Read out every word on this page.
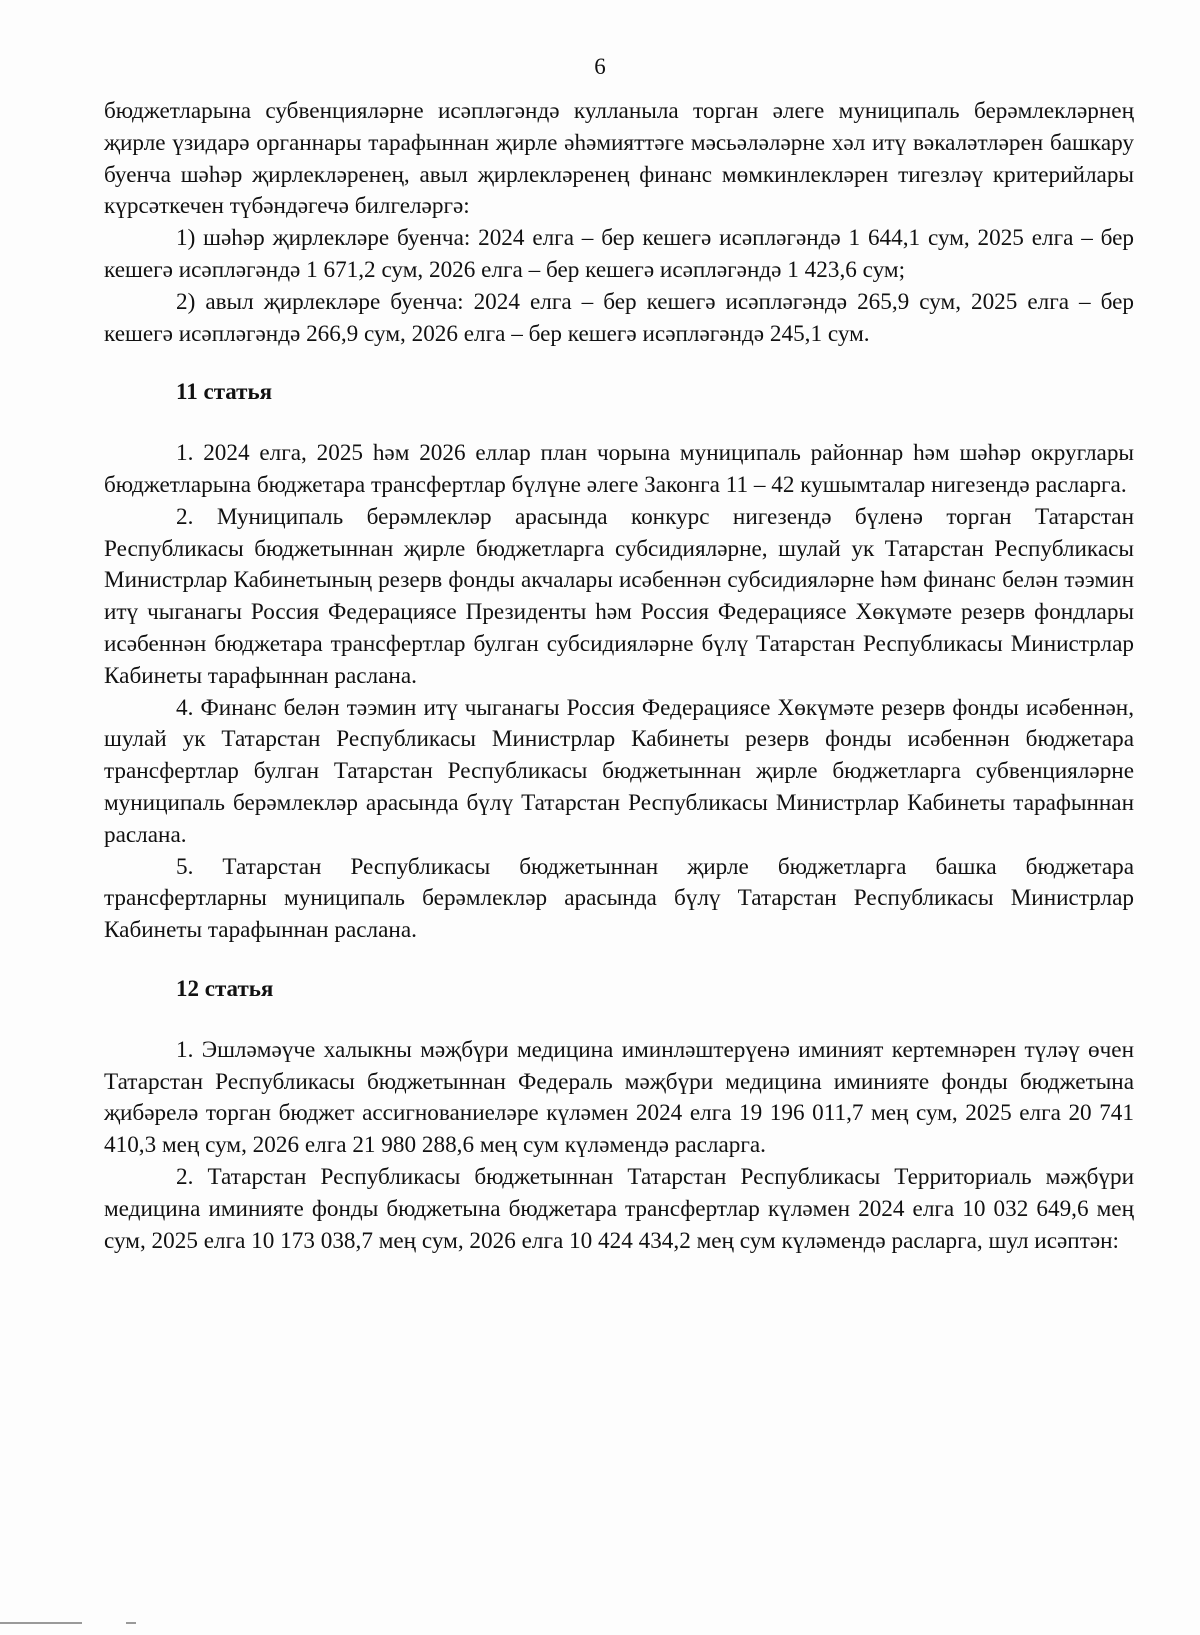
6

бюджетларына субвенцияләрне исәпләгәндә кулланыла торган әлеге муниципаль берәмлекләрнең җирле үзидарә органнары тарафыннан җирле әһәмияттәге мәсьәләләрне хәл итү вәкаләтләрен башкару буенча шәһәр җирлекләренең, авыл җирлекләренең финанс мөмкинлекләрен тигезләү критерийлары күрсәткечен түбәндәгечә билгеләргә:

1) шәһәр җирлекләре буенча: 2024 елга – бер кешегә исәпләгәндә 1 644,1 сум, 2025 елга – бер кешегә исәпләгәндә 1 671,2 сум, 2026 елга – бер кешегә исәпләгәндә 1 423,6 сум;

2) авыл җирлекләре буенча: 2024 елга – бер кешегә исәпләгәндә 265,9 сум, 2025 елга – бер кешегә исәпләгәндә 266,9 сум, 2026 елга – бер кешегә исәпләгәндә 245,1 сум.

11 статья

1. 2024 елга, 2025 һәм 2026 еллар план чорына муниципаль районнар һәм шәһәр округлары бюджетларына бюджетара трансфертлар бүлүне әлеге Законга 11 – 42 кушымталар нигезендә расларга.

2. Муниципаль берәмлекләр арасында конкурс нигезендә бүленә торган Татарстан Республикасы бюджетыннан җирле бюджетларга субсидияләрне, шулай ук Татарстан Республикасы Министрлар Кабинетының резерв фонды акчалары исәбеннән субсидияләрне һәм финанс белән тәэмин итү чыганагы Россия Федерациясе Президенты һәм Россия Федерациясе Хөкүмәте резерв фондлары исәбеннән бюджетара трансфертлар булган субсидияләрне бүлү Татарстан Республикасы Министрлар Кабинеты тарафыннан раслана.

4. Финанс белән тәэмин итү чыганагы Россия Федерациясе Хөкүмәте резерв фонды исәбеннән, шулай ук Татарстан Республикасы Министрлар Кабинеты резерв фонды исәбеннән бюджетара трансфертлар булган Татарстан Республикасы бюджетыннан җирле бюджетларга субвенцияләрне муниципаль берәмлекләр арасында бүлү Татарстан Республикасы Министрлар Кабинеты тарафыннан раслана.

5. Татарстан Республикасы бюджетыннан җирле бюджетларга башка бюджетара трансфертларны муниципаль берәмлекләр арасында бүлү Татарстан Республикасы Министрлар Кабинеты тарафыннан раслана.

12 статья

1. Эшләмәүче халыкны мәҗбүри медицина иминләштерүенә иминият кертемнәрен түләү өчен Татарстан Республикасы бюджетыннан Федераль мәҗбүри медицина иминияте фонды бюджетына җибәрелә торган бюджет ассигнованиеләре күләмен 2024 елга 19 196 011,7 мең сум, 2025 елга 20 741 410,3 мең сум, 2026 елга 21 980 288,6 мең сум күләмендә расларга.

2. Татарстан Республикасы бюджетыннан Татарстан Республикасы Территориаль мәҗбүри медицина иминияте фонды бюджетына бюджетара трансфертлар күләмен 2024 елга 10 032 649,6 мең сум, 2025 елга 10 173 038,7 мең сум, 2026 елга 10 424 434,2 мең сум күләмендә расларга, шул исәптән:
